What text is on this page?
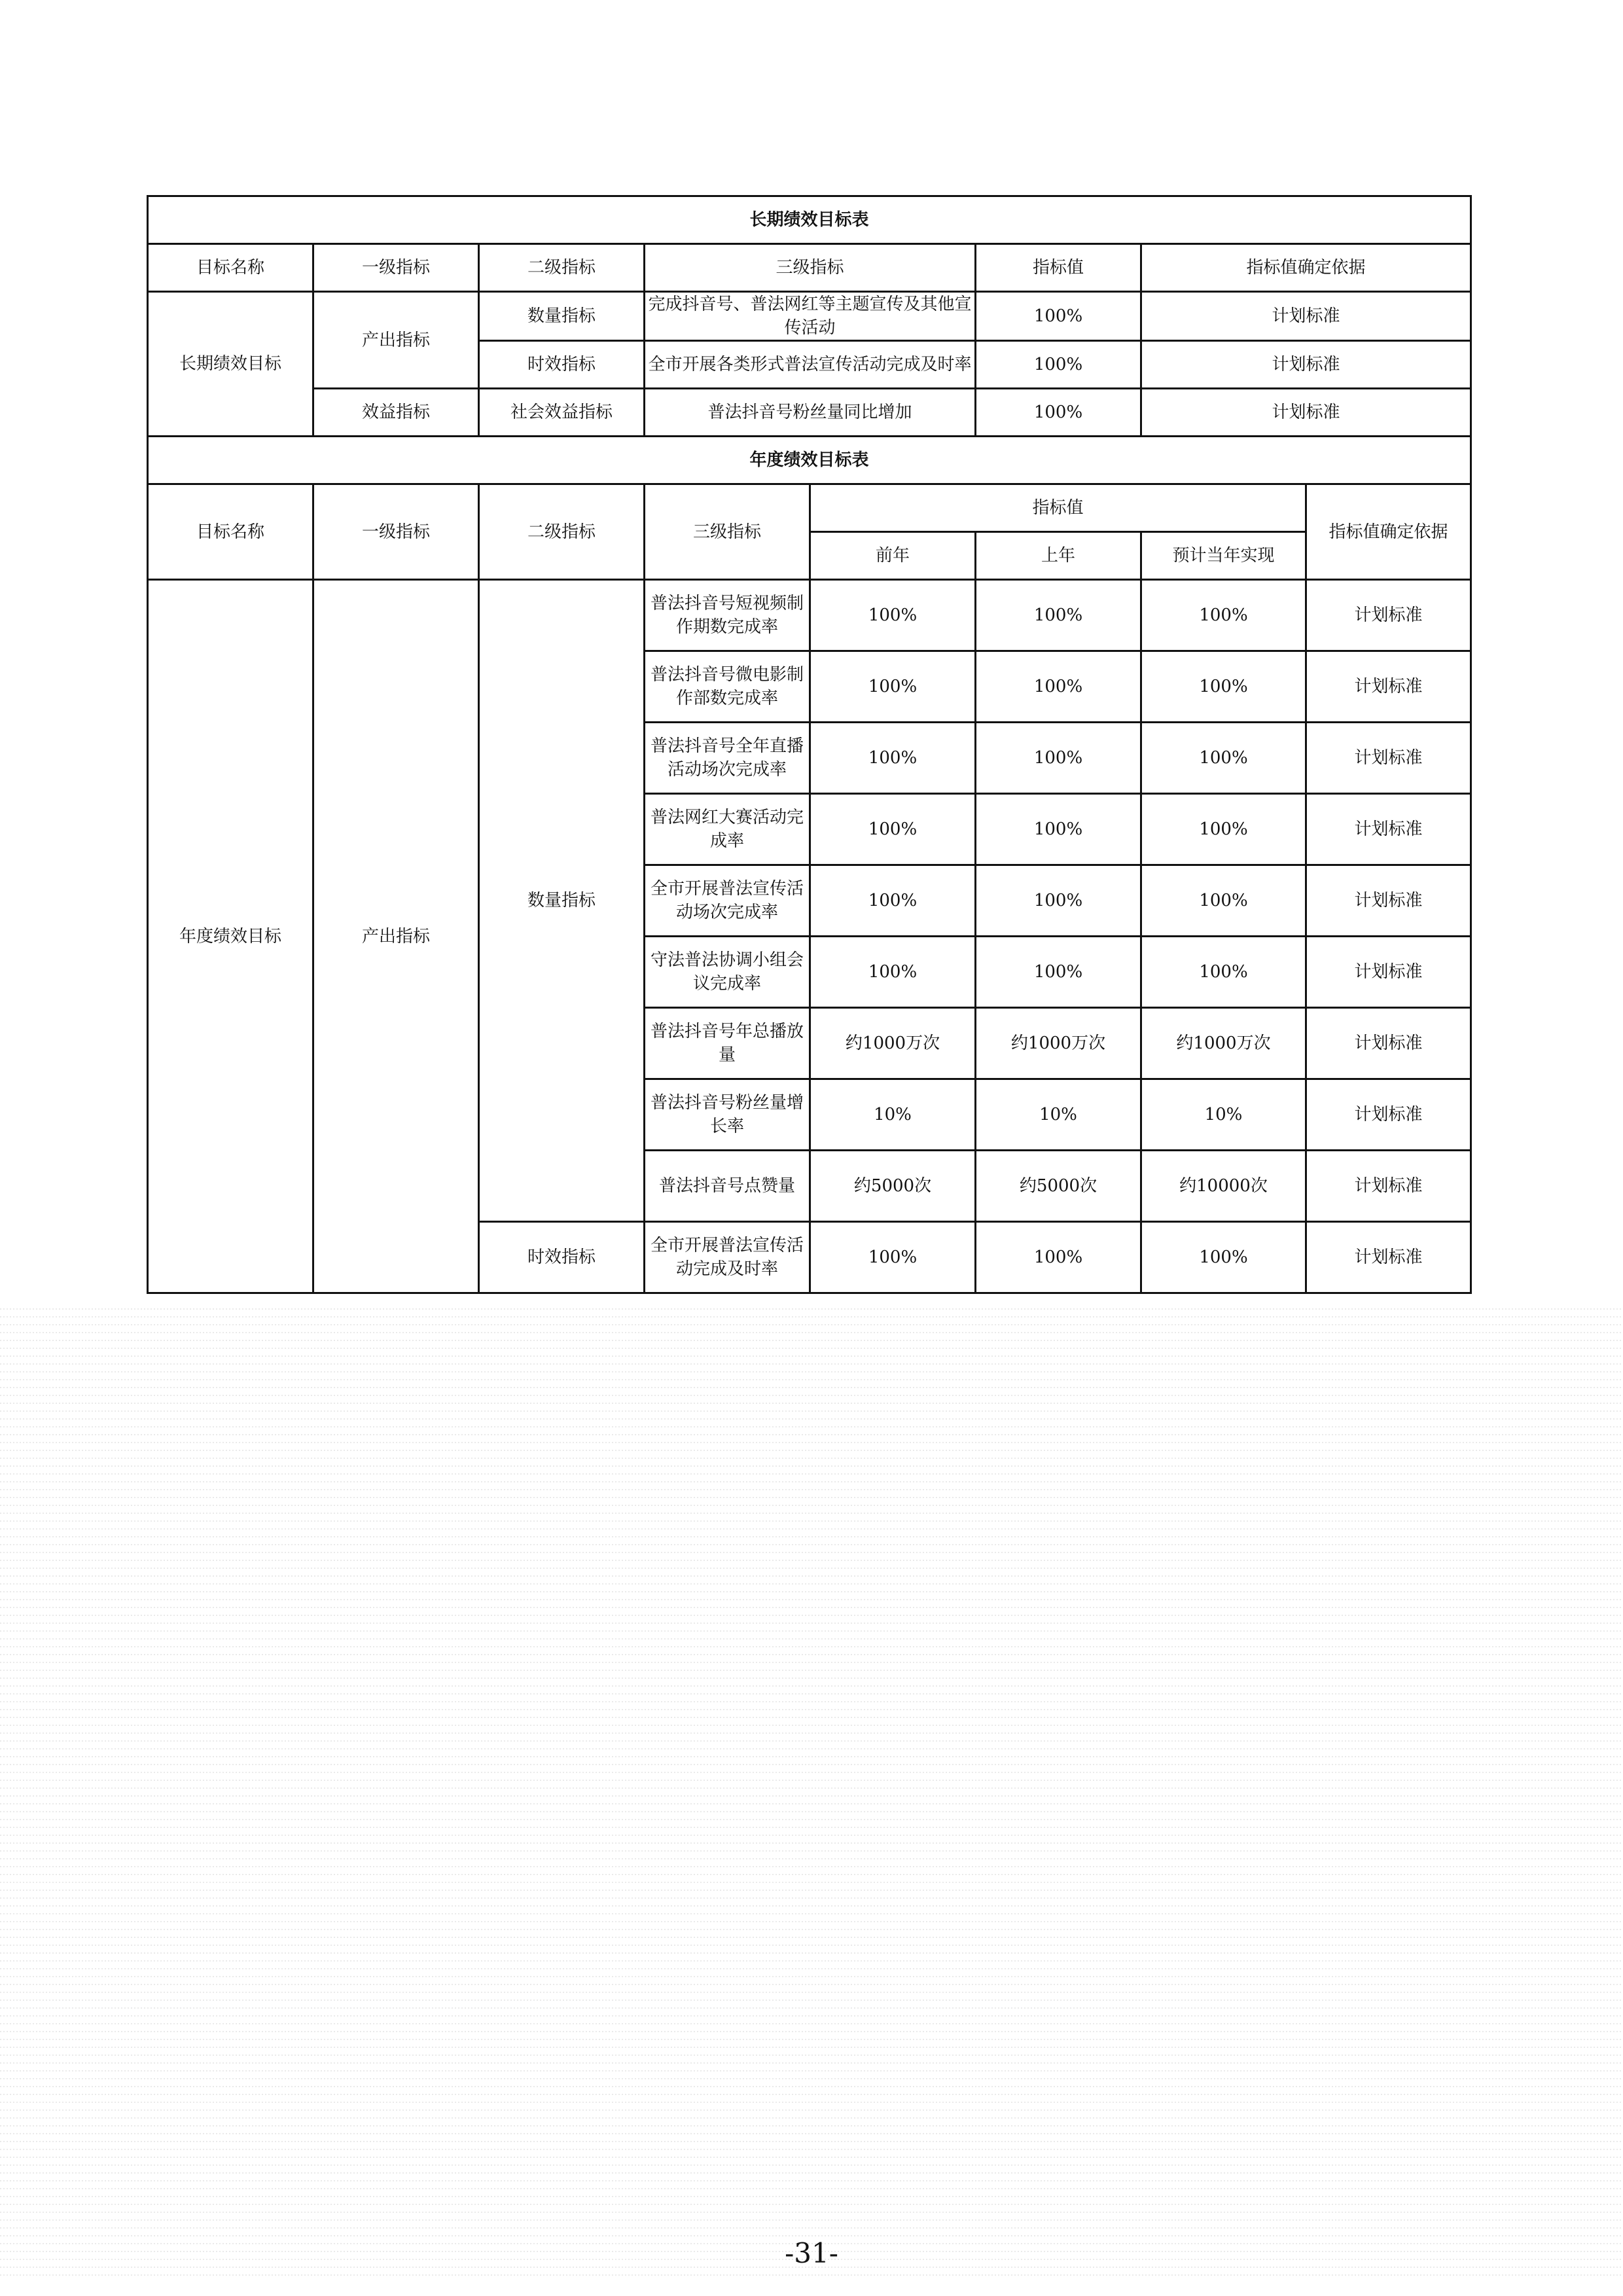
长期绩效目标表							
目标名称	一级指标	二级指标	三级指标		指标值	指标值确定依据	
长期绩效目标	产出指标	数量指标	完成抖音号、普法网红等主题宣传及其他宣传活动		100%	计划标准	
		时效指标	全市开展各类形式普法宣传活动完成及时率		100%	计划标准	
	效益指标	社会效益指标	普法抖音号粉丝量同比增加		100%	计划标准	
年度绩效目标表							
目标名称	一级指标	二级指标	三级指标	指标值			指标值确定依据
				前年	上年	预计当年实现	
年度绩效目标	产出指标	数量指标	普法抖音号短视频制作期数完成率	100%	100%	100%	计划标准
			普法抖音号微电影制作部数完成率	100%	100%	100%	计划标准
			普法抖音号全年直播活动场次完成率	100%	100%	100%	计划标准
			普法网红大赛活动完成率	100%	100%	100%	计划标准
			全市开展普法宣传活动场次完成率	100%	100%	100%	计划标准
			守法普法协调小组会议完成率	100%	100%	100%	计划标准
			普法抖音号年总播放量	约1000万次	约1000万次	约1000万次	计划标准
			普法抖音号粉丝量增长率	10%	10%	10%	计划标准
			普法抖音号点赞量	约5000次	约5000次	约10000次	计划标准
		时效指标	全市开展普法宣传活动完成及时率	100%	100%	100%	计划标准
-31-
